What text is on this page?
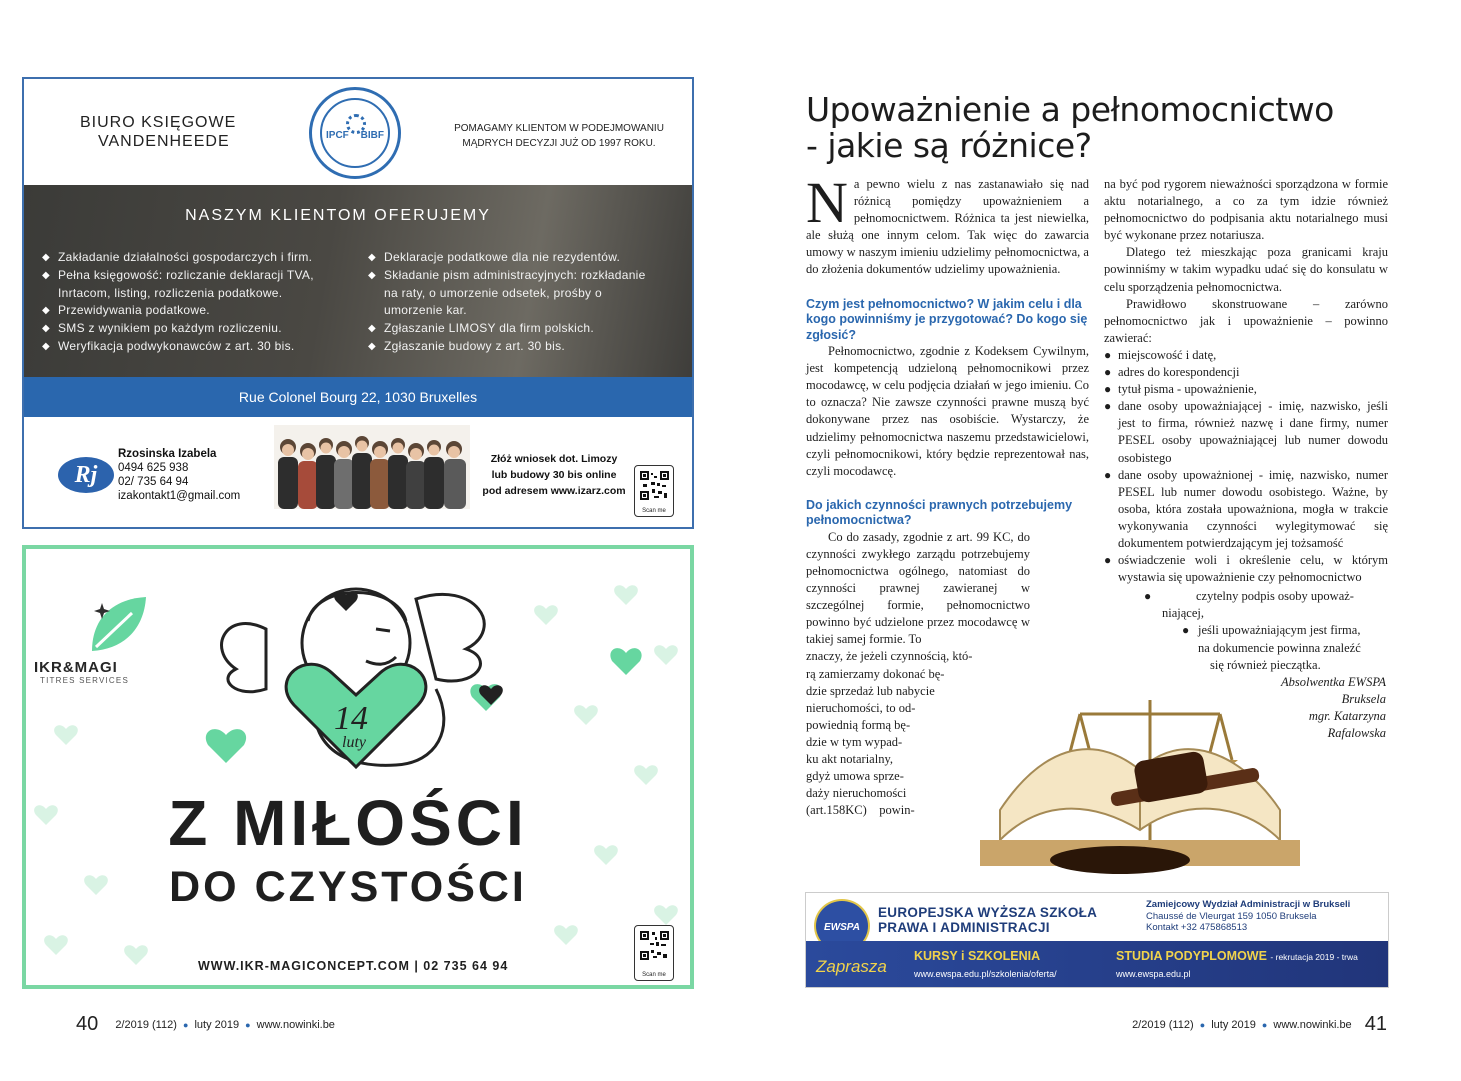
BIURO KSIĘGOWE
VANDENHEEDE	IPCF BIBF
POMAGAMY KLIENTOM W PODEJMOWANIU
MĄDRYCH DECYZJI JUŻ OD 1997 ROKU.
NASZYM KLIENTOM OFERUJEMY
◆ Zakładanie działalności gospodarczych i firm.
◆ Pełna księgowość: rozliczanie deklaracji TVA,
Inrtacom, listing, rozliczenia podatkowe.
◆ Przewidywania podatkowe.
◆ SMS z wynikiem po każdym rozliczeniu.
◆ Weryfikacja podwykonawców z art. 30 bis.
◆ Deklaracje podatkowe dla nie rezydentów.
◆ Składanie pism administracyjnych: rozkładanie
na raty, o umorzenie odsetek, prośby o
umorzenie kar.
◆ Zgłaszanie LIMOSY dla firm polskich.
◆ Zgłaszanie budowy z art. 30 bis.
Rue Colonel Bourg 22, 1030 Bruxelles
Rj
Rzosinska Izabela
0494 625 938
02/ 735 64 94
izakontakt1@gmail.com
Złóż wniosek dot. Limozy
lub budowy 30 bis online
pod adresem www.izarz.com
Scan me
IKR&MAGI
TITRES SERVICES
14
luty
Z MIŁOŚCI
DO CZYSTOŚCI
WWW.IKR-MAGICONCEPT.COM | 02 735 64 94
Scan me
40 2/2019 (112) ● luty 2019 ● www.nowinki.be
Upoważnienie a pełnomocnictwo
- jakie są różnice?

Na pewno wielu z nas zastanawiało się nad różnicą pomiędzy upoważnieniem a pełnomocnictwem. Różnica ta jest niewielka, ale służą one innym celom. Tak więc do zawarcia umowy w naszym imieniu udzielimy pełnomocnictwa, a do złożenia dokumentów udzielimy upoważnienia.

Czym jest pełnomocnictwo? W jakim celu i dla kogo powinniśmy je przygotować? Do kogo się zgłosić?

Pełnomocnictwo, zgodnie z Kodeksem Cywilnym, jest kompetencją udzieloną pełnomocnikowi przez mocodawcę, w celu podjęcia działań w jego imieniu. Co to oznacza? Nie zawsze czynności prawne muszą być dokonywane przez nas osobiście. Wystarczy, że udzielimy pełnomocnictwa naszemu przedstawicielowi, czyli pełnomocnikowi, który będzie reprezentował nas, czyli mocodawcę.

Do jakich czynności prawnych potrzebujemy pełnomocnictwa?

Co do zasady, zgodnie z art. 99 KC, do czynności zwykłego zarządu potrzebujemy pełnomocnictwa ogólnego, natomiast do czynności prawnej zawieranej w szczególnej formie, pełnomocnictwo powinno być udzielone przez mocodawcę w takiej samej formie. To

znaczy, że jeżeli czynnością, któ-
rą zamierzamy dokonać bę-
dzie sprzedaż lub nabycie
nieruchomości, to od-
powiednią formą bę-
dzie w tym wypad-
ku akt notarialny,
gdyż umowa sprze-
daży nieruchomości
(art.158KC)    powin-

na być pod rygorem nieważności sporządzona w formie aktu notarialnego, a co za tym idzie również pełnomocnictwo do podpisania aktu notarialnego musi być wykonane przez notariusza.

Dlatego też mieszkając poza granicami kraju powinniśmy w takim wypadku udać się do konsulatu w celu sporządzenia pełnomocnictwa.

Prawidłowo skonstruowane – zarówno pełnomocnictwo jak i upoważnienie – powinno zawierać:

● miejscowość i datę,
● adres do korespondencji
● tytuł pisma - upoważnienie,
● dane osoby upoważniającej - imię, nazwisko, jeśli jest to firma, również nazwę i dane firmy, numer PESEL osoby upoważniającej lub numer dowodu osobistego
● dane osoby upoważnionej - imię, nazwisko, numer PESEL lub numer dowodu osobistego. Ważne, by osoba, która została upoważniona, mogła w trakcie wykonywania czynności wylegitymować się dokumentem potwierdzającym jej tożsamość
● oświadczenie woli i określenie celu, w którym wystawia się upoważnienie czy pełnomocnictwo
●	czytelny podpis osoby upoważ-
niającej,
● jeśli upoważniającym jest firma,
na dokumencie powinna znaleźć
się również pieczątka.
Absolwentka EWSPA
Bruksela
mgr. Katarzyna
Rafalowska
EWSPA
EUROPEJSKA WYŻSZA SZKOŁA
PRAWA I ADMINISTRACJI
Zamiejcowy Wydział Administracji w Brukseli
Chaussé de Vleurgat 159 1050 Bruksela
Kontakt +32 475868513
Zaprasza
KURSY i SZKOLENIA
www.ewspa.edu.pl/szkolenia/oferta/
STUDIA PODYPLOMOWE - rekrutacja 2019 - trwa
www.ewspa.edu.pl
2/2019 (112) ● luty 2019 ● www.nowinki.be 41
